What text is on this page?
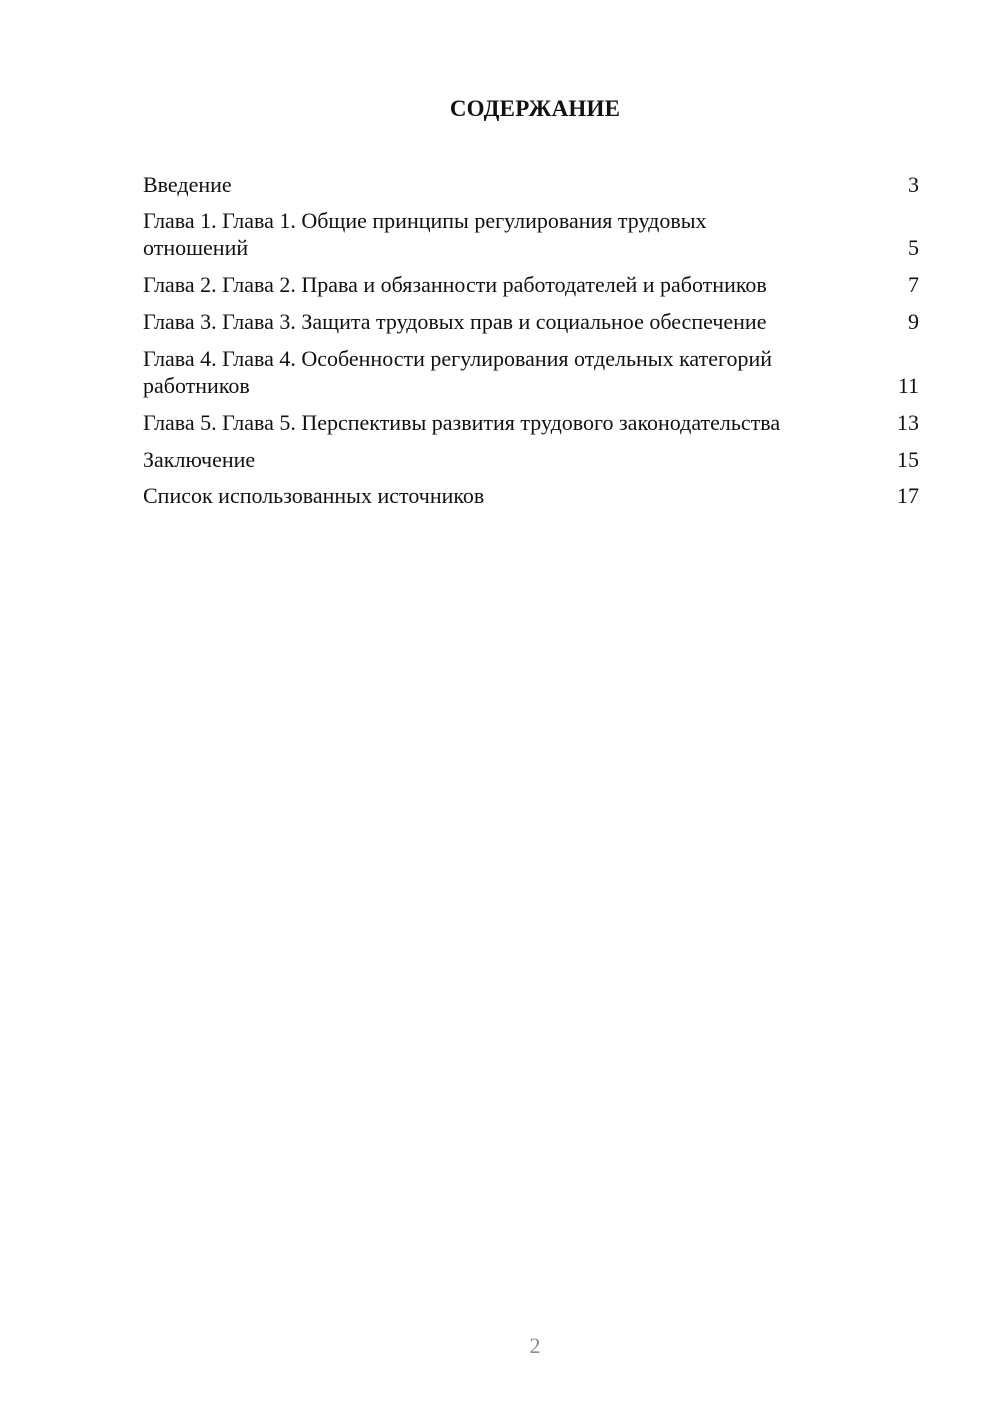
СОДЕРЖАНИЕ
Введение	3
Глава 1. Глава 1. Общие принципы регулирования трудовых отношений	5
Глава 2. Глава 2. Права и обязанности работодателей и работников	7
Глава 3. Глава 3. Защита трудовых прав и социальное обеспечение	9
Глава 4. Глава 4. Особенности регулирования отдельных категорий работников	11
Глава 5. Глава 5. Перспективы развития трудового законодательства	13
Заключение	15
Список использованных источников	17
2
